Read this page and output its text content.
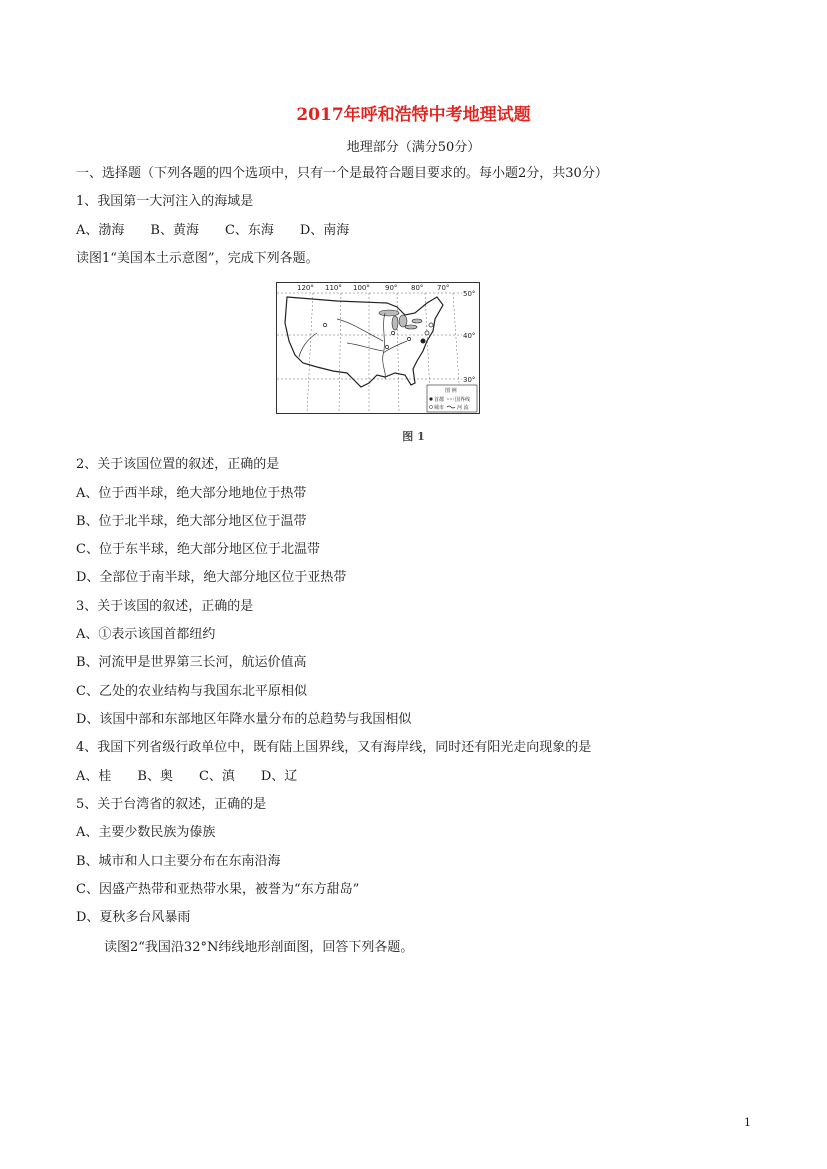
2017年呼和浩特中考地理试题
地理部分（满分50分）
一、选择题（下列各题的四个选项中，只有一个是最符合题目要求的。每小题2分，共30分）
1、我国第一大河注入的海域是
A、渤海　　B、黄海　　C、东海　　D、南海
读图1“美国本土示意图”，完成下列各题。
120° 110° 100° 90° 80° 70°
50°
40°
30°
图 例
首都 国界线
城市	河 流
图 1
2、关于该国位置的叙述，正确的是
A、位于西半球，绝大部分地地位于热带
B、位于北半球，绝大部分地区位于温带
C、位于东半球，绝大部分地区位于北温带
D、全部位于南半球，绝大部分地区位于亚热带
3、关于该国的叙述，正确的是
A、①表示该国首都纽约
B、河流甲是世界第三长河，航运价值高
C、乙处的农业结构与我国东北平原相似
D、该国中部和东部地区年降水量分布的总趋势与我国相似
4、我国下列省级行政单位中，既有陆上国界线，又有海岸线，同时还有阳光走向现象的是
A、桂　　B、奥　　C、滇　　D、辽
5、关于台湾省的叙述，正确的是
A、主要少数民族为傣族
B、城市和人口主要分布在东南沿海
C、因盛产热带和亚热带水果，被誉为“东方甜岛”
D、夏秋多台风暴雨
读图2“我国沿32°N纬线地形剖面图，回答下列各题。
1
